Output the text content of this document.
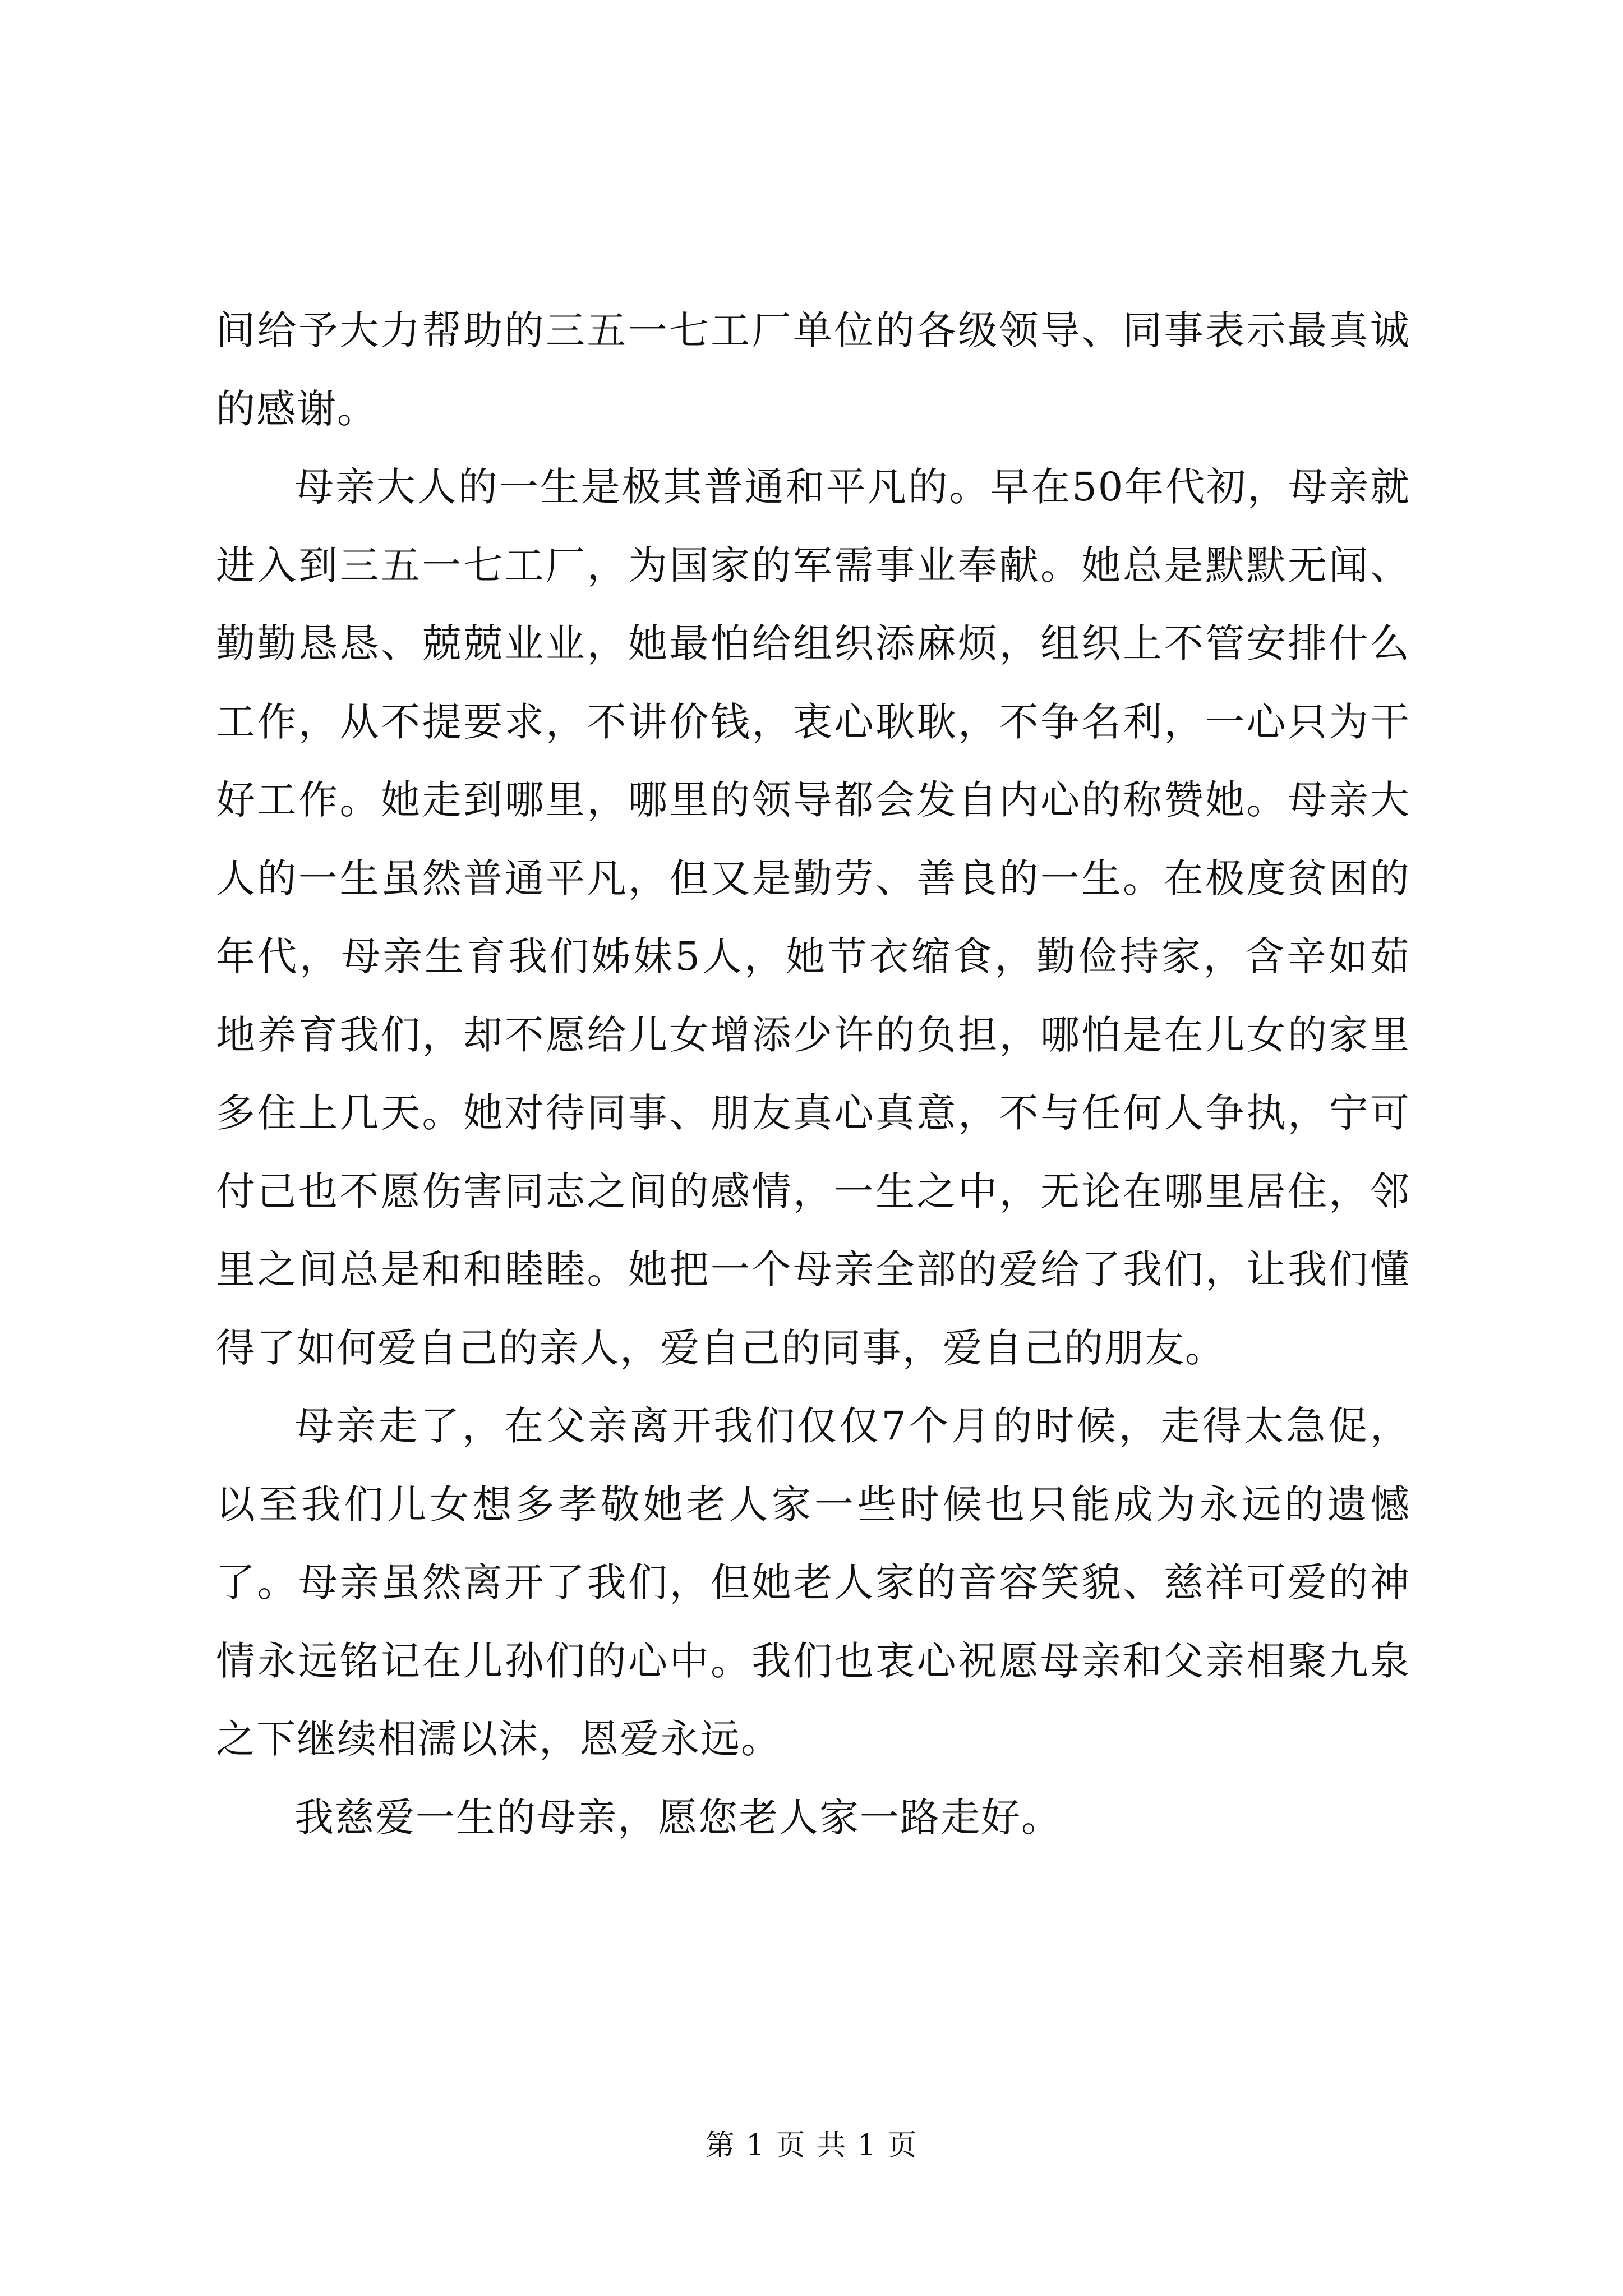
间给予大力帮助的三五一七工厂单位的各级领导、同事表示最真诚的感谢。

母亲大人的一生是极其普通和平凡的。早在50年代初，母亲就进入到三五一七工厂，为国家的军需事业奉献。她总是默默无闻、勤勤恳恳、兢兢业业，她最怕给组织添麻烦，组织上不管安排什么工作，从不提要求，不讲价钱，衷心耿耿，不争名利，一心只为干好工作。她走到哪里，哪里的领导都会发自内心的称赞她。母亲大人的一生虽然普通平凡，但又是勤劳、善良的一生。在极度贫困的年代，母亲生育我们姊妹5人，她节衣缩食，勤俭持家，含辛如茹地养育我们，却不愿给儿女增添少许的负担，哪怕是在儿女的家里多住上几天。她对待同事、朋友真心真意，不与任何人争执，宁可付己也不愿伤害同志之间的感情，一生之中，无论在哪里居住，邻里之间总是和和睦睦。她把一个母亲全部的爱给了我们，让我们懂得了如何爱自己的亲人，爱自己的同事，爱自己的朋友。

母亲走了，在父亲离开我们仅仅7个月的时候，走得太急促，以至我们儿女想多孝敬她老人家一些时候也只能成为永远的遗憾了。母亲虽然离开了我们，但她老人家的音容笑貌、慈祥可爱的神情永远铭记在儿孙们的心中。我们也衷心祝愿母亲和父亲相聚九泉之下继续相濡以沫，恩爱永远。

我慈爱一生的母亲，愿您老人家一路走好。

第 1 页 共 1 页
